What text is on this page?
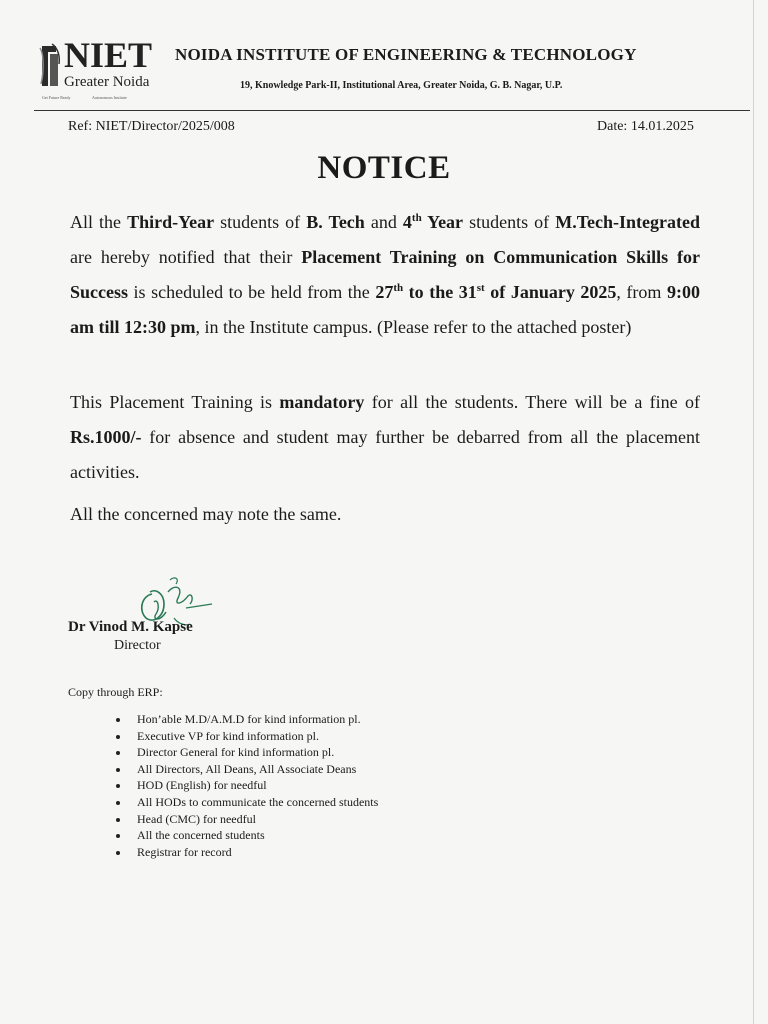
NIET
Greater Noida
Get Future Ready	Autonomous Institute
NOIDA INSTITUTE OF ENGINEERING & TECHNOLOGY
19, Knowledge Park-II, Institutional Area, Greater Noida, G. B. Nagar, U.P.
Ref: NIET/Director/2025/008	Date: 14.01.2025
NOTICE

All the Third-Year students of B. Tech and 4th Year students of M.Tech-Integrated are hereby notified that their Placement Training on Communication Skills for Success is scheduled to be held from the 27th to the 31st of January 2025, from 9:00 am till 12:30 pm, in the Institute campus. (Please refer to the attached poster)

This Placement Training is mandatory for all the students. There will be a fine of Rs.1000/- for absence and student may further be debarred from all the placement activities.

All the concerned may note the same.

Dr Vinod M. Kapse
Director
Copy through ERP:
Hon’able M.D/A.M.D for kind information pl.
Executive VP for kind information pl.
Director General for kind information pl.
All Directors, All Deans, All Associate Deans
HOD (English) for needful
All HODs to communicate the concerned students
Head (CMC) for needful
All the concerned students
Registrar for record
